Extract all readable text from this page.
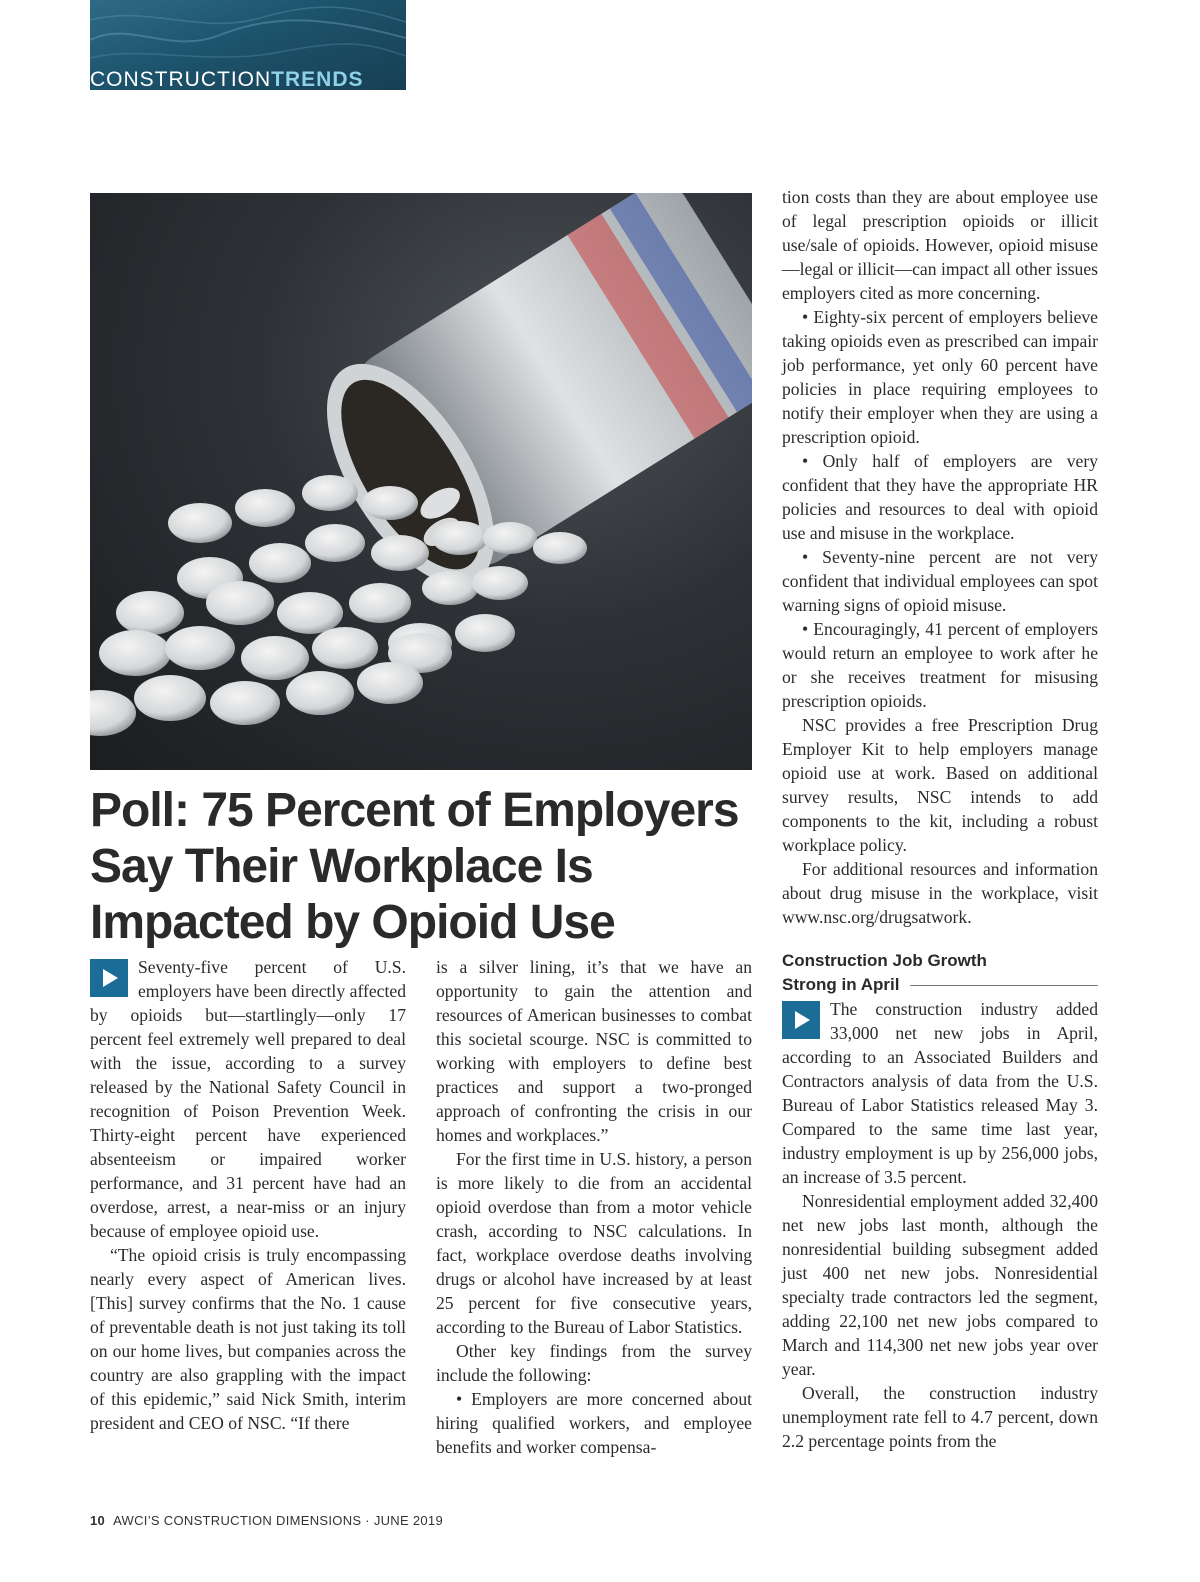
CONSTRUCTIONTRENDS
Poll: 75 Percent of Employers
Say Their Workplace Is
Impacted by Opioid Use

Seventy-five percent of U.S. employers have been directly affected by opioids but—startlingly—only 17 percent feel extremely well prepared to deal with the issue, according to a survey released by the National Safety Council in recognition of Poison Prevention Week. Thirty-eight percent have experienced absenteeism or impaired worker performance, and 31 percent have had an overdose, arrest, a near-miss or an injury because of employee opioid use.

“The opioid crisis is truly encompassing nearly every aspect of American lives. [This] survey confirms that the No. 1 cause of preventable death is not just taking its toll on our home lives, but companies across the country are also grappling with the impact of this epidemic,” said Nick Smith, interim president and CEO of NSC. “If there

is a silver lining, it’s that we have an opportunity to gain the attention and resources of American businesses to combat this societal scourge. NSC is committed to working with employers to define best practices and support a two-pronged approach of confronting the crisis in our homes and workplaces.”

For the first time in U.S. history, a person is more likely to die from an accidental opioid overdose than from a motor vehicle crash, according to NSC calculations. In fact, workplace overdose deaths involving drugs or alcohol have increased by at least 25 percent for five consecutive years, according to the Bureau of Labor Statistics.

Other key findings from the survey include the following:

• Employers are more concerned about hiring qualified workers, and employee benefits and worker compensa-

tion costs than they are about employee use of legal prescription opioids or illicit use/sale of opioids. However, opioid misuse—legal or illicit—can impact all other issues employers cited as more concerning.

• Eighty-six percent of employers believe taking opioids even as prescribed can impair job performance, yet only 60 percent have policies in place requiring employees to notify their employer when they are using a prescription opioid.

• Only half of employers are very confident that they have the appropriate HR policies and resources to deal with opioid use and misuse in the workplace.

• Seventy-nine percent are not very confident that individual employees can spot warning signs of opioid misuse.

• Encouragingly, 41 percent of employers would return an employee to work after he or she receives treatment for misusing prescription opioids.

NSC provides a free Prescription Drug Employer Kit to help employers manage opioid use at work. Based on additional survey results, NSC intends to add components to the kit, including a robust workplace policy.

For additional resources and information about drug misuse in the workplace, visit www.nsc.org/drugsatwork.

Construction Job Growth
Strong in April

The construction industry added 33,000 net new jobs in April, according to an Associated Builders and Contractors analysis of data from the U.S. Bureau of Labor Statistics released May 3. Compared to the same time last year, industry employment is up by 256,000 jobs, an increase of 3.5 percent.

Nonresidential employment added 32,400 net new jobs last month, although the nonresidential building subsegment added just 400 net new jobs. Nonresidential specialty trade contractors led the segment, adding 22,100 net new jobs compared to March and 114,300 net new jobs year over year.

Overall, the construction industry unemployment rate fell to 4.7 percent, down 2.2 percentage points from the

10 AWCI’S CONSTRUCTION DIMENSIONS · JUNE 2019
